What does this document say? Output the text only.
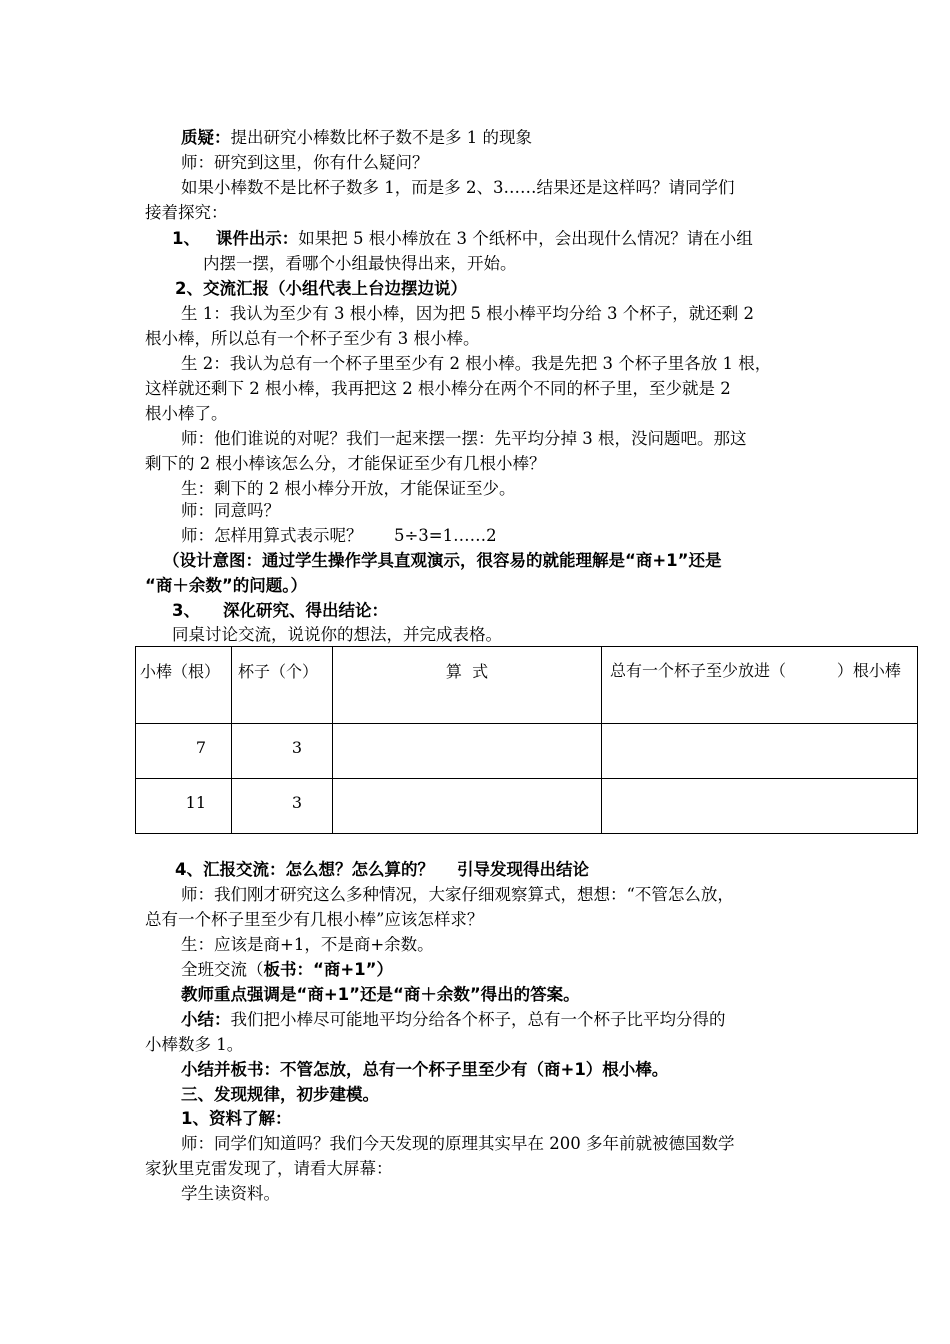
质疑：提出研究小棒数比杯子数不是多 1 的现象
师：研究到这里，你有什么疑问？
如果小棒数不是比杯子数多 1，而是多 2、3……结果还是这样吗？请同学们
接着探究：
1、 课件出示：如果把 5 根小棒放在 3 个纸杯中，会出现什么情况？请在小组
内摆一摆，看哪个小组最快得出来，开始。
2、交流汇报（小组代表上台边摆边说）
生 1：我认为至少有 3 根小棒，因为把 5 根小棒平均分给 3 个杯子，就还剩 2
根小棒，所以总有一个杯子至少有 3 根小棒。
生 2：我认为总有一个杯子里至少有 2 根小棒。我是先把 3 个杯子里各放 1 根，
这样就还剩下 2 根小棒，我再把这 2 根小棒分在两个不同的杯子里，至少就是 2
根小棒了。
师：他们谁说的对呢？我们一起来摆一摆：先平均分掉 3 根，没问题吧。那这
剩下的 2 根小棒该怎么分，才能保证至少有几根小棒？
生：剩下的 2 根小棒分开放，才能保证至少。
师：同意吗？
师：怎样用算式表示呢？      5÷3=1……2
（设计意图：通过学生操作学具直观演示，很容易的就能理解是“商+1”还是
“商＋余数”的问题。）
3、    深化研究、得出结论：
同桌讨论交流，说说你的想法，并完成表格。
小棒（根）	杯子（个）	算  式	总有一个杯子至少放进（          ）根小棒

7	3		

11	3		

4、汇报交流：怎么想？怎么算的？    引导发现得出结论
师：我们刚才研究这么多种情况，大家仔细观察算式，想想：“不管怎么放，
总有一个杯子里至少有几根小棒”应该怎样求？
生：应该是商+1，不是商+余数。
全班交流（板书：“商+1”）
教师重点强调是“商+1”还是“商＋余数”得出的答案。
小结：我们把小棒尽可能地平均分给各个杯子，总有一个杯子比平均分得的
小棒数多 1。
小结并板书：不管怎放，总有一个杯子里至少有（商+1）根小棒。
三、发现规律，初步建模。
1、资料了解：
师：同学们知道吗？我们今天发现的原理其实早在 200 多年前就被德国数学
家狄里克雷发现了，请看大屏幕：
学生读资料。
